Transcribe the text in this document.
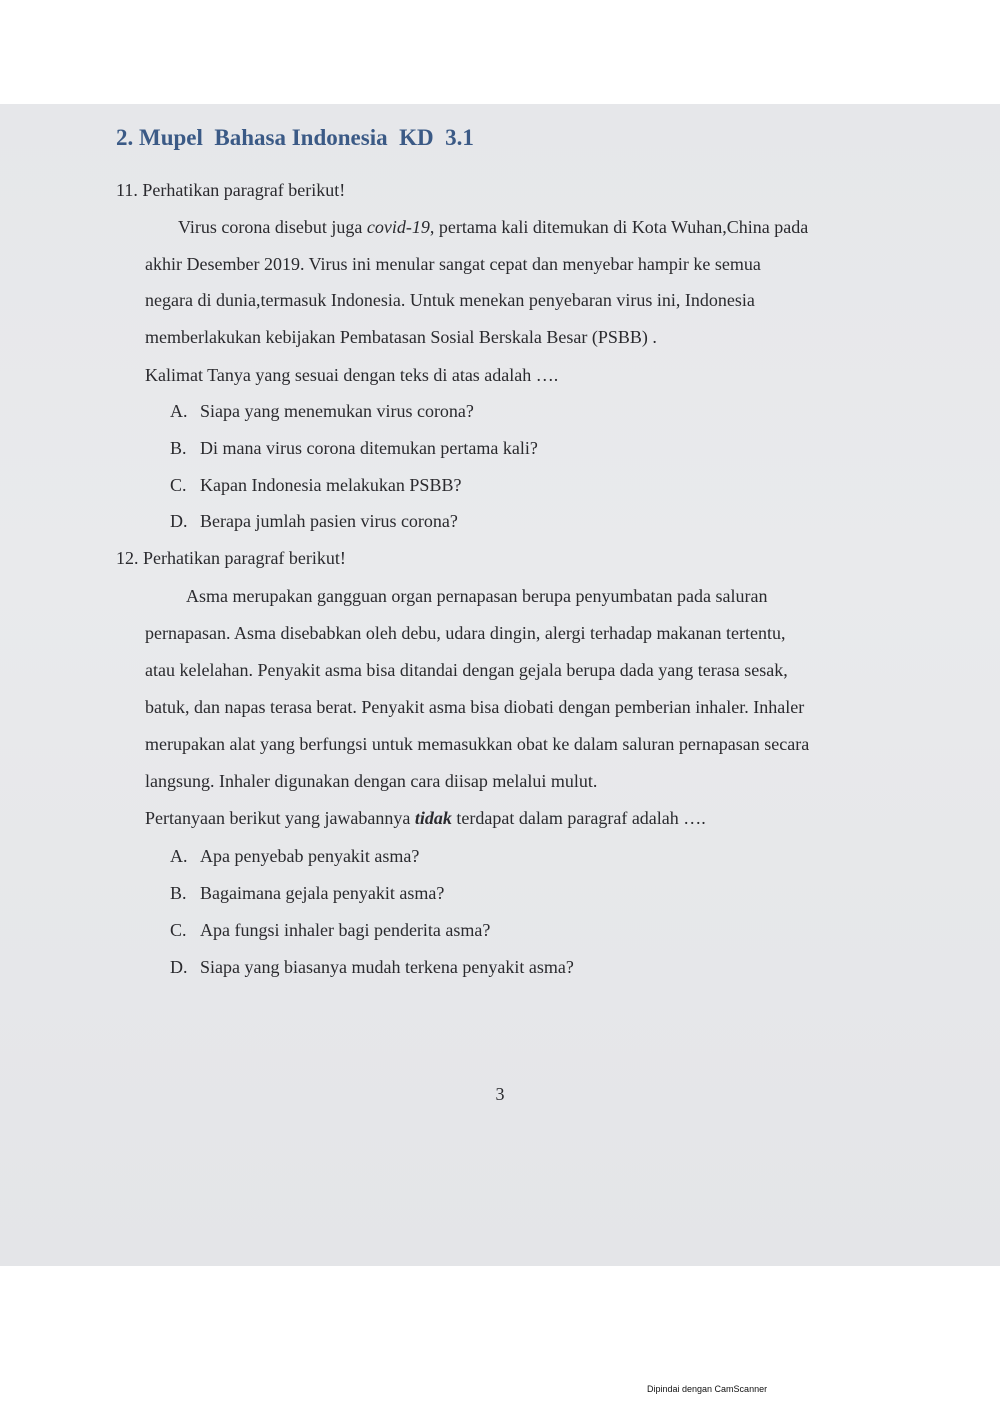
2. Mupel  Bahasa Indonesia  KD  3.1
11. Perhatikan paragraf berikut!
Virus corona disebut juga covid-19, pertama kali ditemukan di Kota Wuhan,China pada
akhir Desember 2019. Virus ini menular sangat cepat dan menyebar hampir ke semua
negara di dunia,termasuk Indonesia. Untuk menekan penyebaran virus ini, Indonesia
memberlakukan kebijakan Pembatasan Sosial Berskala Besar (PSBB) .
Kalimat Tanya yang sesuai dengan teks di atas adalah ….
A. Siapa yang menemukan virus corona?
B. Di mana virus corona ditemukan pertama kali?
C. Kapan Indonesia melakukan PSBB?
D. Berapa jumlah pasien virus corona?
12. Perhatikan paragraf berikut!
Asma merupakan gangguan organ pernapasan berupa penyumbatan pada saluran
pernapasan. Asma disebabkan oleh debu, udara dingin, alergi terhadap makanan tertentu,
atau kelelahan. Penyakit asma bisa ditandai dengan gejala berupa dada yang terasa sesak,
batuk, dan napas terasa berat. Penyakit asma bisa diobati dengan pemberian inhaler. Inhaler
merupakan alat yang berfungsi untuk memasukkan obat ke dalam saluran pernapasan secara
langsung. Inhaler digunakan dengan cara diisap melalui mulut.
Pertanyaan berikut yang jawabannya tidak terdapat dalam paragraf adalah ….
A. Apa penyebab penyakit asma?
B. Bagaimana gejala penyakit asma?
C. Apa fungsi inhaler bagi penderita asma?
D. Siapa yang biasanya mudah terkena penyakit asma?
3
Dipindai dengan CamScanner
